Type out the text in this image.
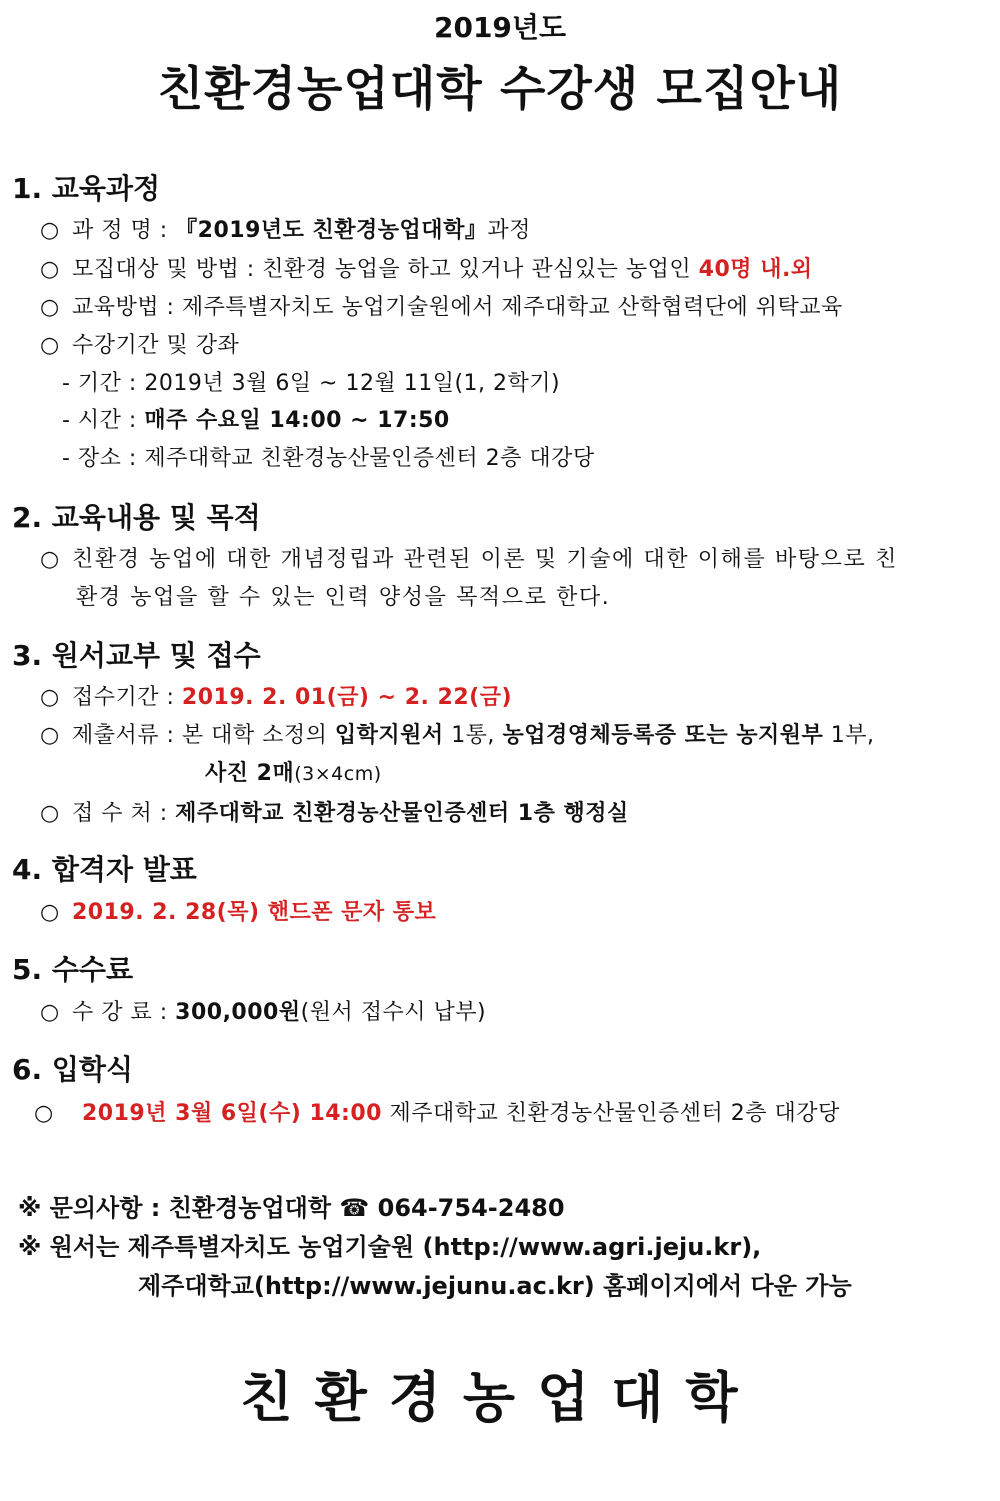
2019년도
친환경농업대학 수강생 모집안내
1. 교육과정
○ 과 정 명 : 『2019년도 친환경농업대학』과정
○ 모집대상 및 방법 : 친환경 농업을 하고 있거나 관심있는 농업인 40명 내.외
○ 교육방법 : 제주특별자치도 농업기술원에서 제주대학교 산학협력단에 위탁교육
○ 수강기간 및 강좌
- 기간 : 2019년 3월 6일 ~ 12월 11일(1, 2학기)
- 시간 : 매주 수요일 14:00 ~ 17:50
- 장소 : 제주대학교 친환경농산물인증센터 2층 대강당
2. 교육내용 및 목적
○ 친환경 농업에 대한 개념정립과 관련된 이론 및 기술에 대한 이해를 바탕으로 친
환경 농업을 할 수 있는 인력 양성을 목적으로 한다.
3. 원서교부 및 접수
○ 접수기간 : 2019. 2. 01(금) ~ 2. 22(금)
○ 제출서류 : 본 대학 소정의 입학지원서 1통, 농업경영체등록증 또는 농지원부 1부,
사진 2매(3×4cm)
○ 접 수 처 : 제주대학교 친환경농산물인증센터 1층 행정실
4. 합격자 발표
○ 2019. 2. 28(목) 핸드폰 문자 통보
5. 수수료
○ 수 강 료 : 300,000원(원서 접수시 납부)
6. 입학식
○ 2019년 3월 6일(수) 14:00 제주대학교 친환경농산물인증센터 2층 대강당
※ 문의사항 : 친환경농업대학 ☎ 064-754-2480
※ 원서는 제주특별자치도 농업기술원 (http://www.agri.jeju.kr),
제주대학교(http://www.jejunu.ac.kr) 홈페이지에서 다운 가능
친환경농업대학
